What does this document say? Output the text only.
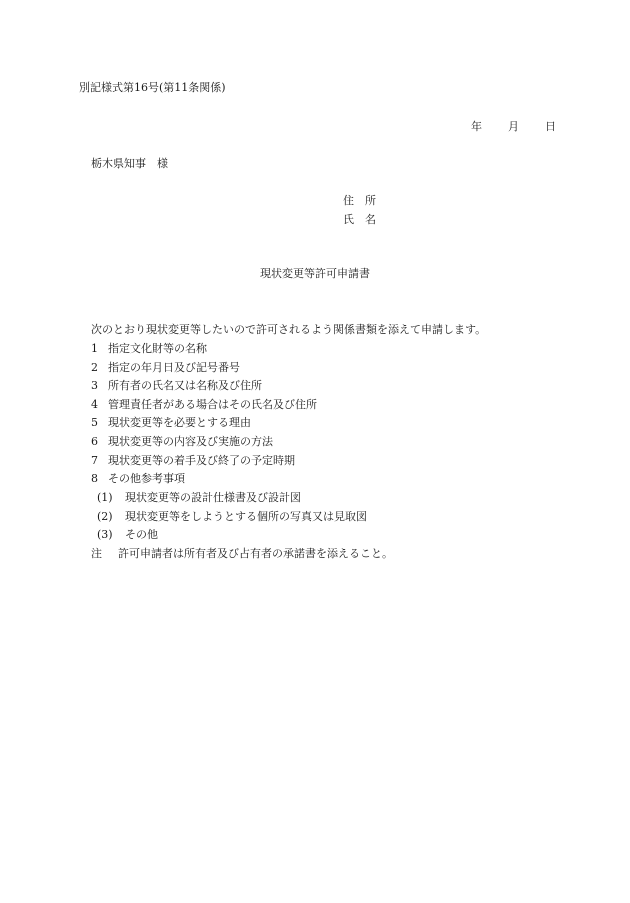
別記様式第16号(第11条関係)
年 月 日
栃木県知事 様
住 所
氏 名
現状変更等許可申請書
次のとおり現状変更等したいので許可されるよう関係書類を添えて申請します。
1 指定文化財等の名称
2 指定の年月日及び記号番号
3 所有者の氏名又は名称及び住所
4 管理責任者がある場合はその氏名及び住所
5 現状変更等を必要とする理由
6 現状変更等の内容及び実施の方法
7 現状変更等の着手及び終了の予定時期
8 その他参考事項
(1) 現状変更等の設計仕様書及び設計図
(2) 現状変更等をしようとする個所の写真又は見取図
(3) その他
注 許可申請者は所有者及び占有者の承諾書を添えること。
